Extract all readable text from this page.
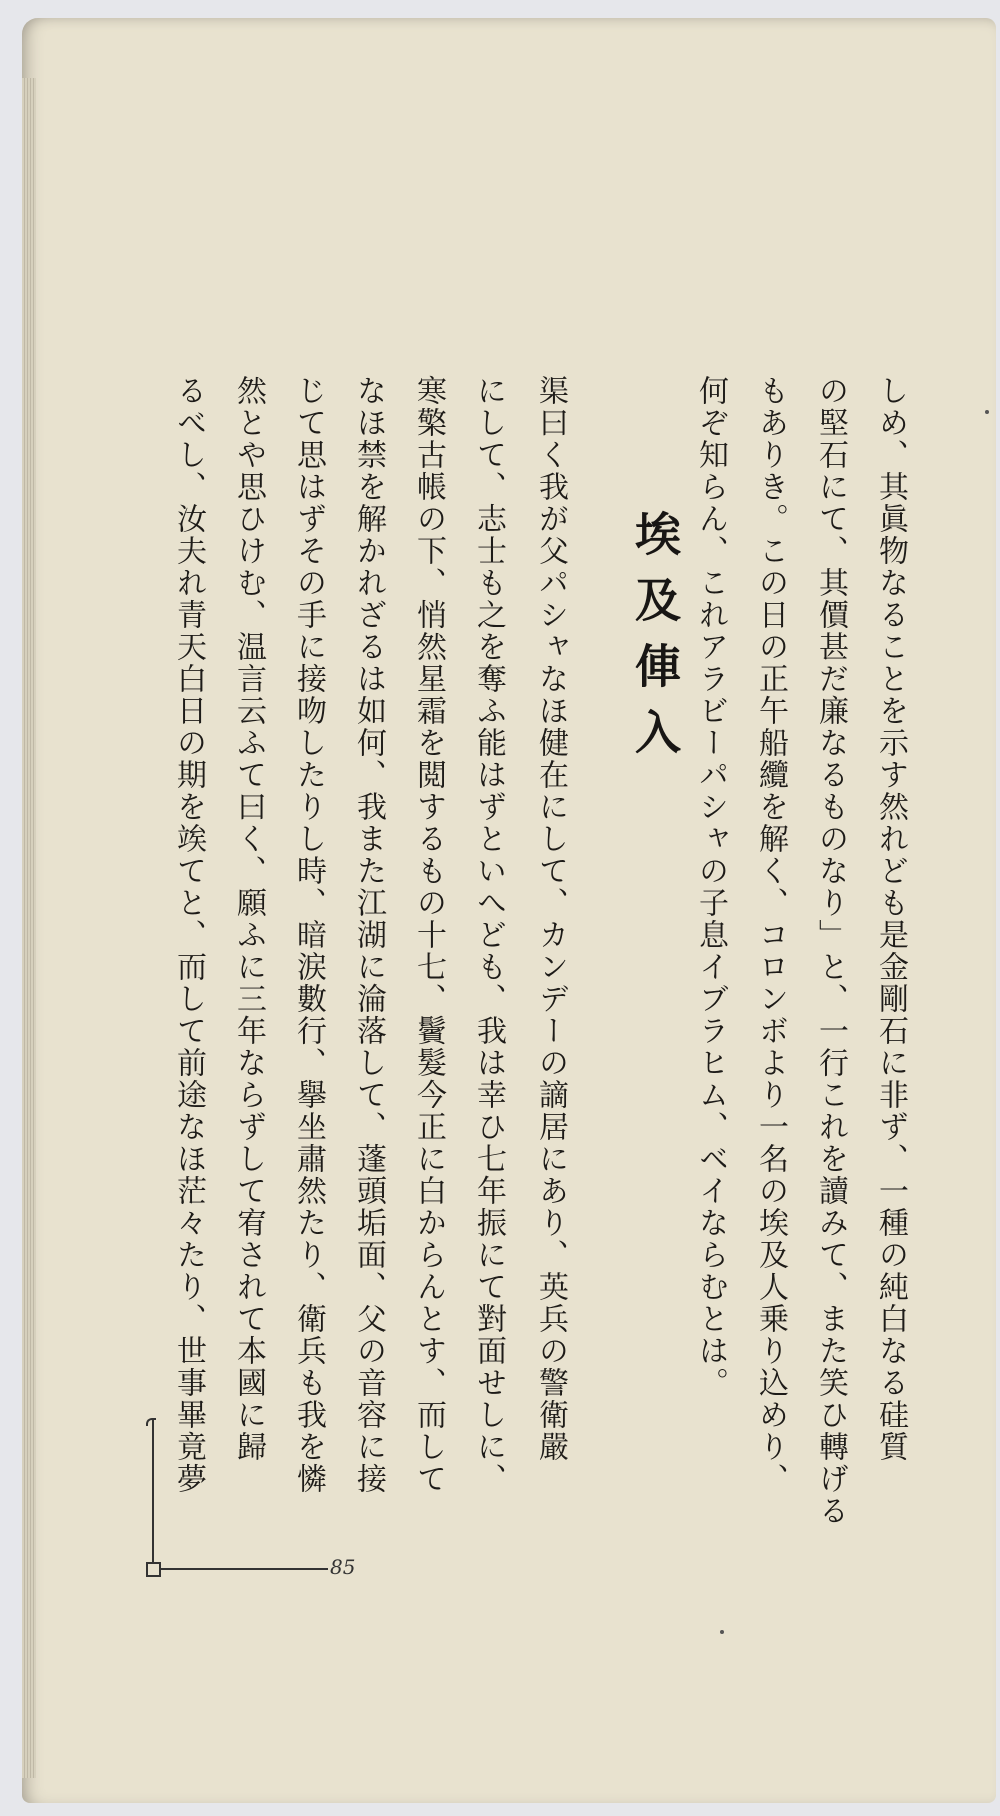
しめ、其眞物なることを示す然れども是金剛石に非ず、一種の純白なる硅質
の堅石にて、其價甚だ廉なるものなり」と、一行これを讀みて、また笑ひ轉げる
もありき。この日の正午船纜を解く、コロンボより一名の埃及人乗り込めり、
何ぞ知らん、これアラビーパシャの子息イブラヒム、ベイならむとは。
埃及俥入
渠曰く我が父パシャなほ健在にして、カンデーの謫居にあり、英兵の警衛嚴
にして、志士も之を奪ふ能はずといへども、我は幸ひ七年振にて對面せしに、
寒檠古帳の下、悄然星霜を閲するもの十七、鬢髮今正に白からんとす、而して
なほ禁を解かれざるは如何、我また江湖に淪落して、蓬頭垢面、父の音容に接
じて思はずその手に接吻したりし時、暗涙數行、擧坐肅然たり、衛兵も我を憐
然とや思ひけむ、温言云ふて曰く、願ふに三年ならずして宥されて本國に歸
るべし、汝夫れ青天白日の期を竢てと、而して前途なほ茫々たり、世事畢竟夢
85
